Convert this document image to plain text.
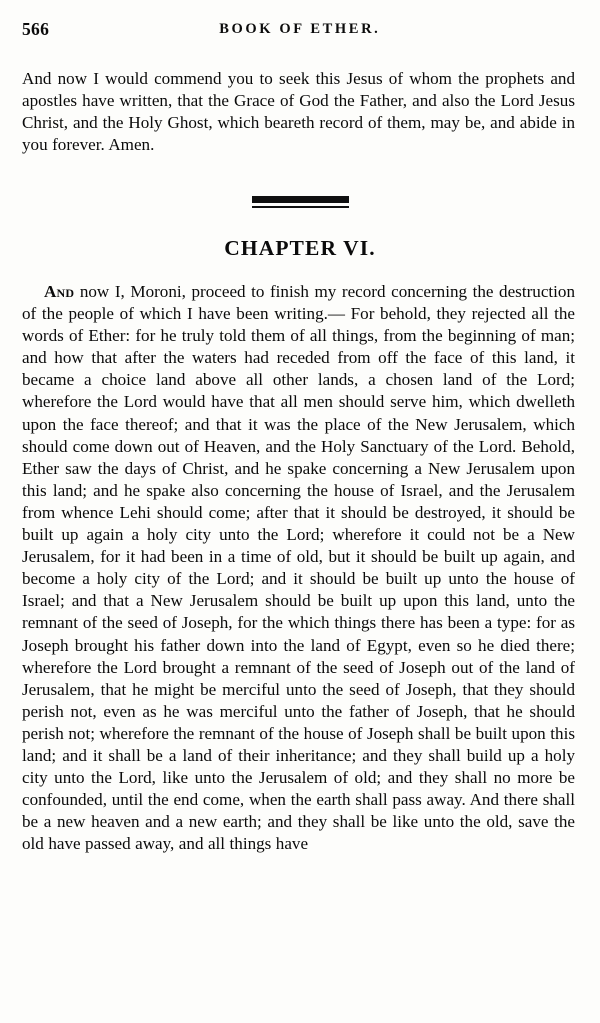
566	BOOK OF ETHER.

And now I would commend you to seek this Jesus of whom the prophets and apostles have written, that the Grace of God the Father, and also the Lord Jesus Christ, and the Holy Ghost, which beareth record of them, may be, and abide in you forever. Amen.

CHAPTER VI.

And now I, Moroni, proceed to finish my record concerning the destruction of the people of which I have been writing.— For behold, they rejected all the words of Ether: for he truly told them of all things, from the beginning of man; and how that after the waters had receded from off the face of this land, it became a choice land above all other lands, a chosen land of the Lord; wherefore the Lord would have that all men should serve him, which dwelleth upon the face thereof; and that it was the place of the New Jerusalem, which should come down out of Heaven, and the Holy Sanctuary of the Lord. Behold, Ether saw the days of Christ, and he spake concerning a New Jerusalem upon this land; and he spake also concerning the house of Israel, and the Jerusalem from whence Lehi should come; after that it should be destroyed, it should be built up again a holy city unto the Lord; wherefore it could not be a New Jerusalem, for it had been in a time of old, but it should be built up again, and become a holy city of the Lord; and it should be built up unto the house of Israel; and that a New Jerusalem should be built up upon this land, unto the remnant of the seed of Joseph, for the which things there has been a type: for as Joseph brought his father down into the land of Egypt, even so he died there; wherefore the Lord brought a remnant of the seed of Joseph out of the land of Jerusalem, that he might be merciful unto the seed of Joseph, that they should perish not, even as he was merciful unto the father of Joseph, that he should perish not; wherefore the remnant of the house of Joseph shall be built upon this land; and it shall be a land of their inheritance; and they shall build up a holy city unto the Lord, like unto the Jerusalem of old; and they shall no more be confounded, until the end come, when the earth shall pass away. And there shall be a new heaven and a new earth; and they shall be like unto the old, save the old have passed away, and all things have
